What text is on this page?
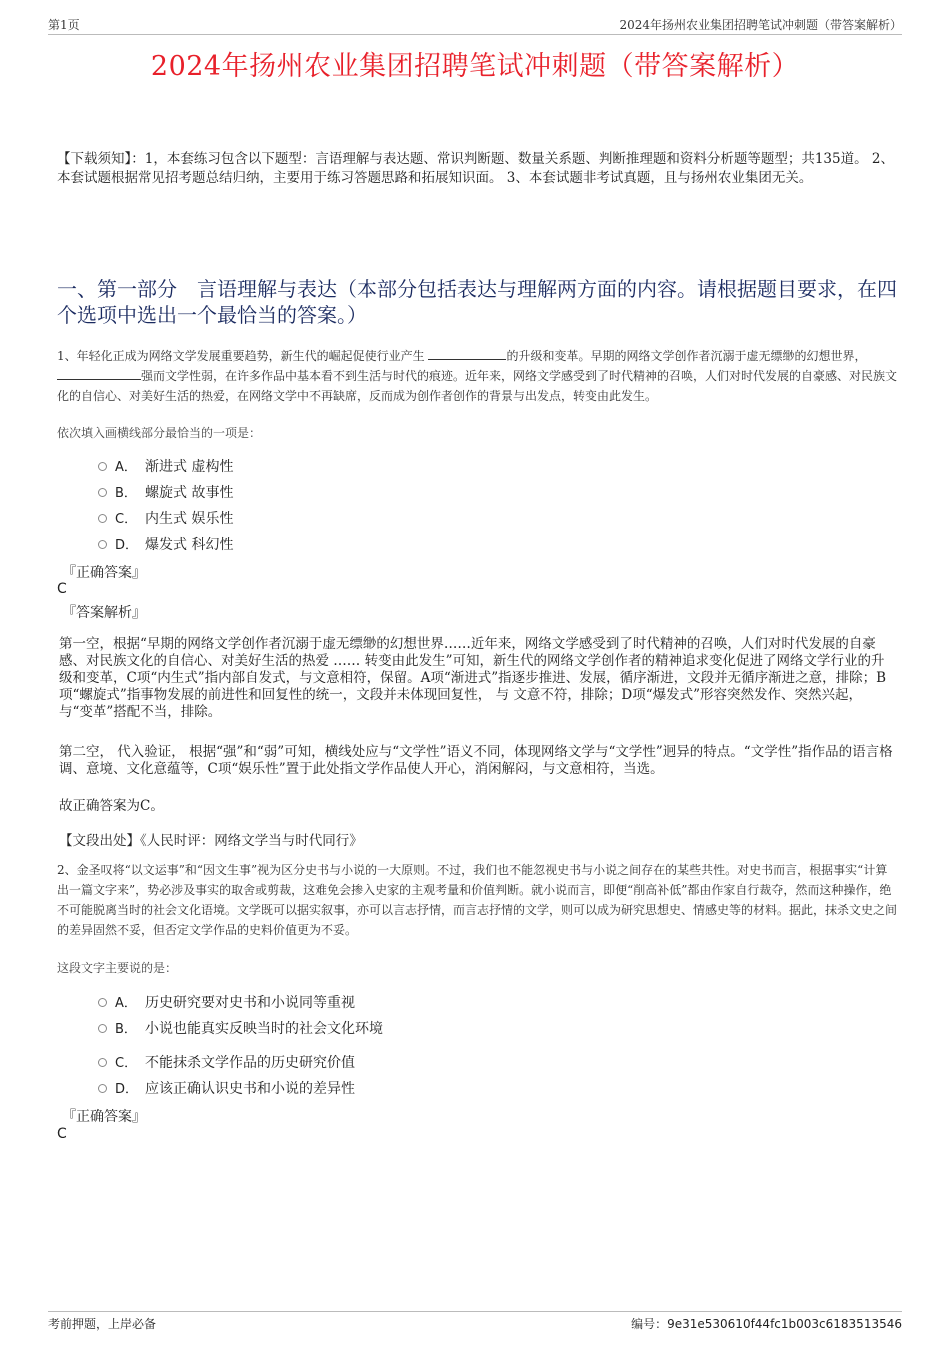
第1页	2024年扬州农业集团招聘笔试冲刺题（带答案解析）
2024年扬州农业集团招聘笔试冲刺题（带答案解析）
【下载须知】：1，本套练习包含以下题型：言语理解与表达题、常识判断题、数量关系题、判断推理题和资料分析题等题型；共135道。 2、本套试题根据常见招考题总结归纳，主要用于练习答题思路和拓展知识面。 3、本套试题非考试真题，且与扬州农业集团无关。
一、第一部分　言语理解与表达（本部分包括表达与理解两方面的内容。请根据题目要求，在四个选项中选出一个最恰当的答案。）
1、年轻化正成为网络文学发展重要趋势，新生代的崛起促使行业产生	的升级和变革。早期的网络文学创作者沉溺于虚无缥缈的幻想世界， 强而文学性弱，在许多作品中基本看不到生活与时代的痕迹。近年来，网络文学感受到了时代精神的召唤，人们对时代发展的自豪感、对民族文化的自信心、对美好生活的热爱，在网络文学中不再缺席，反而成为创作者创作的背景与出发点，转变由此发生。
依次填入画横线部分最恰当的一项是：
A． 渐进式 虚构性
B． 螺旋式 故事性
C． 内生式 娱乐性
D． 爆发式 科幻性
『正确答案』
C
『答案解析』
第一空，根据“早期的网络文学创作者沉溺于虚无缥缈的幻想世界……近年来，网络文学感受到了时代精神的召唤，人们对时代发展的自豪感、对民族文化的自信心、对美好生活的热爱 …… 转变由此发生”可知，新生代的网络文学创作者的精神追求变化促进了网络文学行业的升级和变革，C项“内生式”指内部自发式，与文意相符，保留。A项“渐进式”指逐步推进、发展，循序渐进，文段并无循序渐进之意，排除；B项“螺旋式”指事物发展的前进性和回复性的统一，文段并未体现回复性， 与 文意不符，排除；D项“爆发式”形容突然发作、突然兴起，与“变革”搭配不当，排除。
第二空， 代入验证， 根据“强”和“弱”可知，横线处应与“文学性”语义不同，体现网络文学与“文学性”迥异的特点。“文学性”指作品的语言格调、意境、文化意蕴等，C项“娱乐性”置于此处指文学作品使人开心，消闲解闷，与文意相符，当选。
故正确答案为C。
【文段出处】《人民时评：网络文学当与时代同行》
2、金圣叹将“以文运事”和“因文生事”视为区分史书与小说的一大原则。不过，我们也不能忽视史书与小说之间存在的某些共性。对史书而言，根据事实“计算出一篇文字来”，势必涉及事实的取舍或剪裁，这难免会掺入史家的主观考量和价值判断。就小说而言，即便“削高补低”都由作家自行裁夺，然而这种操作，绝不可能脱离当时的社会文化语境。文学既可以据实叙事，亦可以言志抒情，而言志抒情的文学，则可以成为研究思想史、情感史等的材料。据此，抹杀文史之间的差异固然不妥，但否定文学作品的史料价值更为不妥。
这段文字主要说的是：
A． 历史研究要对史书和小说同等重视
B． 小说也能真实反映当时的社会文化环境
C． 不能抹杀文学作品的历史研究价值
D． 应该正确认识史书和小说的差异性
『正确答案』
C
考前押题，上岸必备	编号：9e31e530610f44fc1b003c6183513546
